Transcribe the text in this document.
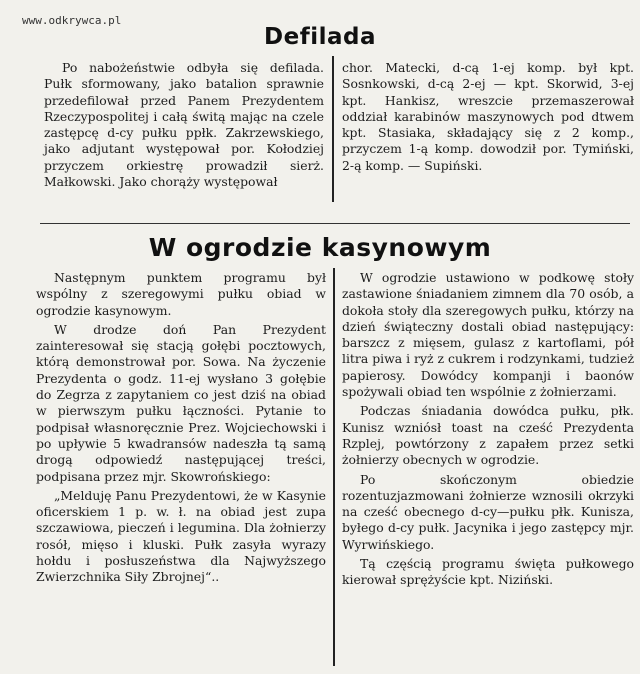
www.odkrywca.pl
Defilada

Po nabożeństwie odbyła się defilada. Pułk sformowany, jako batalion sprawnie przedefilował przed Panem Prezydentem Rzeczypospolitej i całą świtą mając na czele zastępcę d-cy pułku ppłk. Zakrzewskiego, jako adjutant występował por. Kołodziej przyczem orkiestrę prowadził sierż. Małkowski. Jako chorąży występował

chor. Matecki, d-cą 1-ej komp. był kpt. Sosnkowski, d-cą 2-ej — kpt. Skorwid, 3-ej kpt. Hankisz, wreszcie przemaszerował oddział karabinów maszynowych pod dtwem kpt. Stasiaka, składający się z 2 komp., przyczem 1-ą komp. dowodził por. Tymiński, 2-ą komp. — Supiński.

W ogrodzie kasynowym

Następnym punktem programu był wspólny z szeregowymi pułku obiad w ogrodzie kasynowym.

W drodze doń Pan Prezydent zainteresował się stacją gołębi pocztowych, którą demonstrował por. Sowa. Na życzenie Prezydenta o godz. 11-ej wysłano 3 gołębie do Zegrza z zapytaniem co jest dziś na obiad w pierwszym pułku łączności. Pytanie to podpisał własnoręcznie Prez. Wojciechowski i po upływie 5 kwadransów nadeszła tą samą drogą odpowiedź następującej treści, podpisana przez mjr. Skowrońskiego:

„Melduję Panu Prezydentowi, że w Kasynie oficerskiem 1 p. w. ł. na obiad jest zupa szczawiowa, pieczeń i legumina. Dla żołnierzy rosół, mięso i kluski. Pułk zasyła wyrazy hołdu i posłuszeństwa dla Najwyższego Zwierzchnika Siły Zbrojnej“..

W ogrodzie ustawiono w podkowę stoły zastawione śniadaniem zimnem dla 70 osób, a dokoła stoły dla szeregowych pułku, którzy na dzień świąteczny dostali obiad następujący: barszcz z mięsem, gulasz z kartoflami, pół litra piwa i ryż z cukrem i rodzynkami, tudzież papierosy. Dowódcy kompanji i baonów spożywali obiad ten wspólnie z żołnierzami.

Podczas śniadania dowódca pułku, płk. Kunisz wzniósł toast na cześć Prezydenta Rzplej, powtórzony z zapałem przez setki żołnierzy obecnych w ogrodzie.

Po skończonym obiedzie rozentuzjazmowani żołnierze wznosili okrzyki na cześć obecnego d-cy—pułku płk. Kunisza, byłego d-cy pułk. Jacynika i jego zastępcy mjr. Wyrwińskiego.

Tą częścią programu święta pułkowego kierował sprężyście kpt. Niziński.
